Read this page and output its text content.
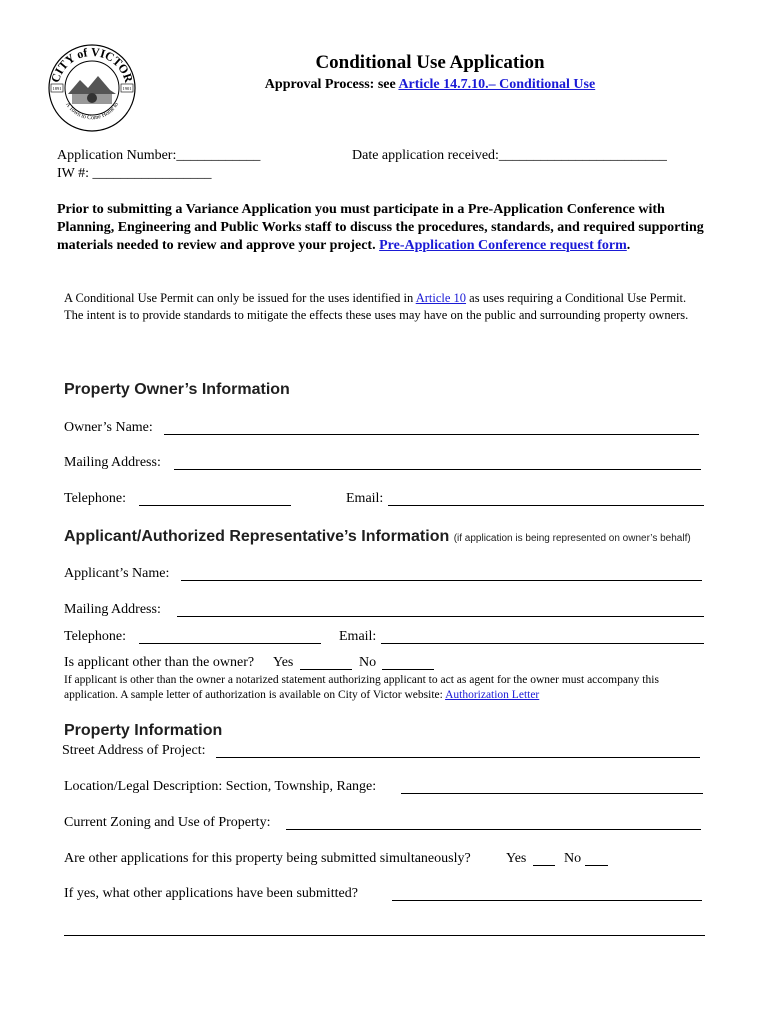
CITY of VICTOR
A Town to Come Home to
1891	1901
Conditional Use Application
Approval Process: see Article 14.7.10.– Conditional Use
Application Number:____________	Date application received:________________________
IW #: _________________
Prior to submitting a Variance Application you must participate in a Pre-Application Conference with Planning, Engineering and Public Works staff to discuss the procedures, standards, and required supporting materials needed to review and approve your project. Pre-Application Conference request form.
A Conditional Use Permit can only be issued for the uses identified in Article 10 as uses requiring a Conditional Use Permit. The intent is to provide standards to mitigate the effects these uses may have on the public and surrounding property owners.
Property Owner’s Information
Owner’s Name:
Mailing Address:
Telephone:	Email:
Applicant/Authorized Representative’s Information (if application is being represented on owner’s behalf)
Applicant’s Name:
Mailing Address:
Telephone:	Email:
Is applicant other than the owner? Yes	No
If applicant is other than the owner a notarized statement authorizing applicant to act as agent for the owner must accompany this application. A sample letter of authorization is available on City of Victor website: Authorization Letter
Property Information
Street Address of Project:
Location/Legal Description: Section, Township, Range:
Current Zoning and Use of Property:
Are other applications for this property being submitted simultaneously?	Yes	No
If yes, what other applications have been submitted?
